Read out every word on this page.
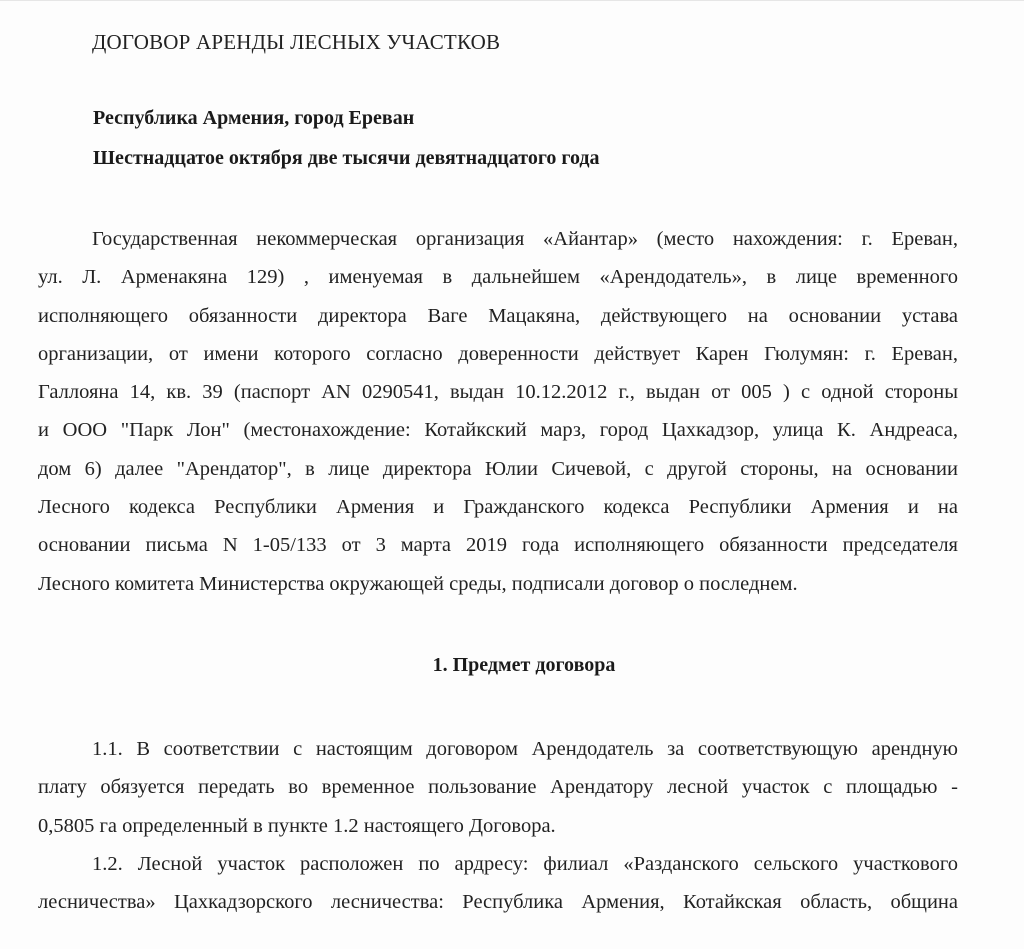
ДОГОВОР АРЕНДЫ ЛЕСНЫХ УЧАСТКОВ
Республика Армения, город Ереван
Шестнадцатое октября две тысячи девятнадцатого года
Государственная некоммерческая организация «Айантар» (место нахождения: г. Ереван,
ул. Л. Арменакяна 129) , именуемая в дальнейшем «Арендодатель», в лице временного
исполняющего обязанности директора Ваге Мацакяна, действующего на основании устава
организации, от имени которого согласно доверенности действует Карен Гюлумян: г. Ереван,
Галлояна 14, кв. 39 (паспорт AN 0290541, выдан 10.12.2012 г., выдан от 005 ) с одной стороны
и ООО "Парк Лон" (местонахождение: Котайкский марз, город Цахкадзор, улица К. Андреаса,
дом 6) далее "Арендатор", в лице директора Юлии Сичевой, с другой стороны, на основании
Лесного кодекса Республики Армения и Гражданского кодекса Республики Армения и на
основании письма N 1-05/133 от 3 марта 2019 года исполняющего обязанности председателя
Лесного комитета Министерства окружающей среды, подписали договор о последнем.
1. Предмет договора
1.1. В соответствии с настоящим договором Арендодатель за соответствующую арендную
плату обязуется передать во временное пользование Арендатору лесной участок с площадью -
0,5805 га определенный в пункте 1.2 настоящего Договора.
1.2. Лесной участок расположен по ардресу: филиал «Разданского сельского участкового
лесничества» Цахкадзорского лесничества: Республика Армения, Котайкская область, община
